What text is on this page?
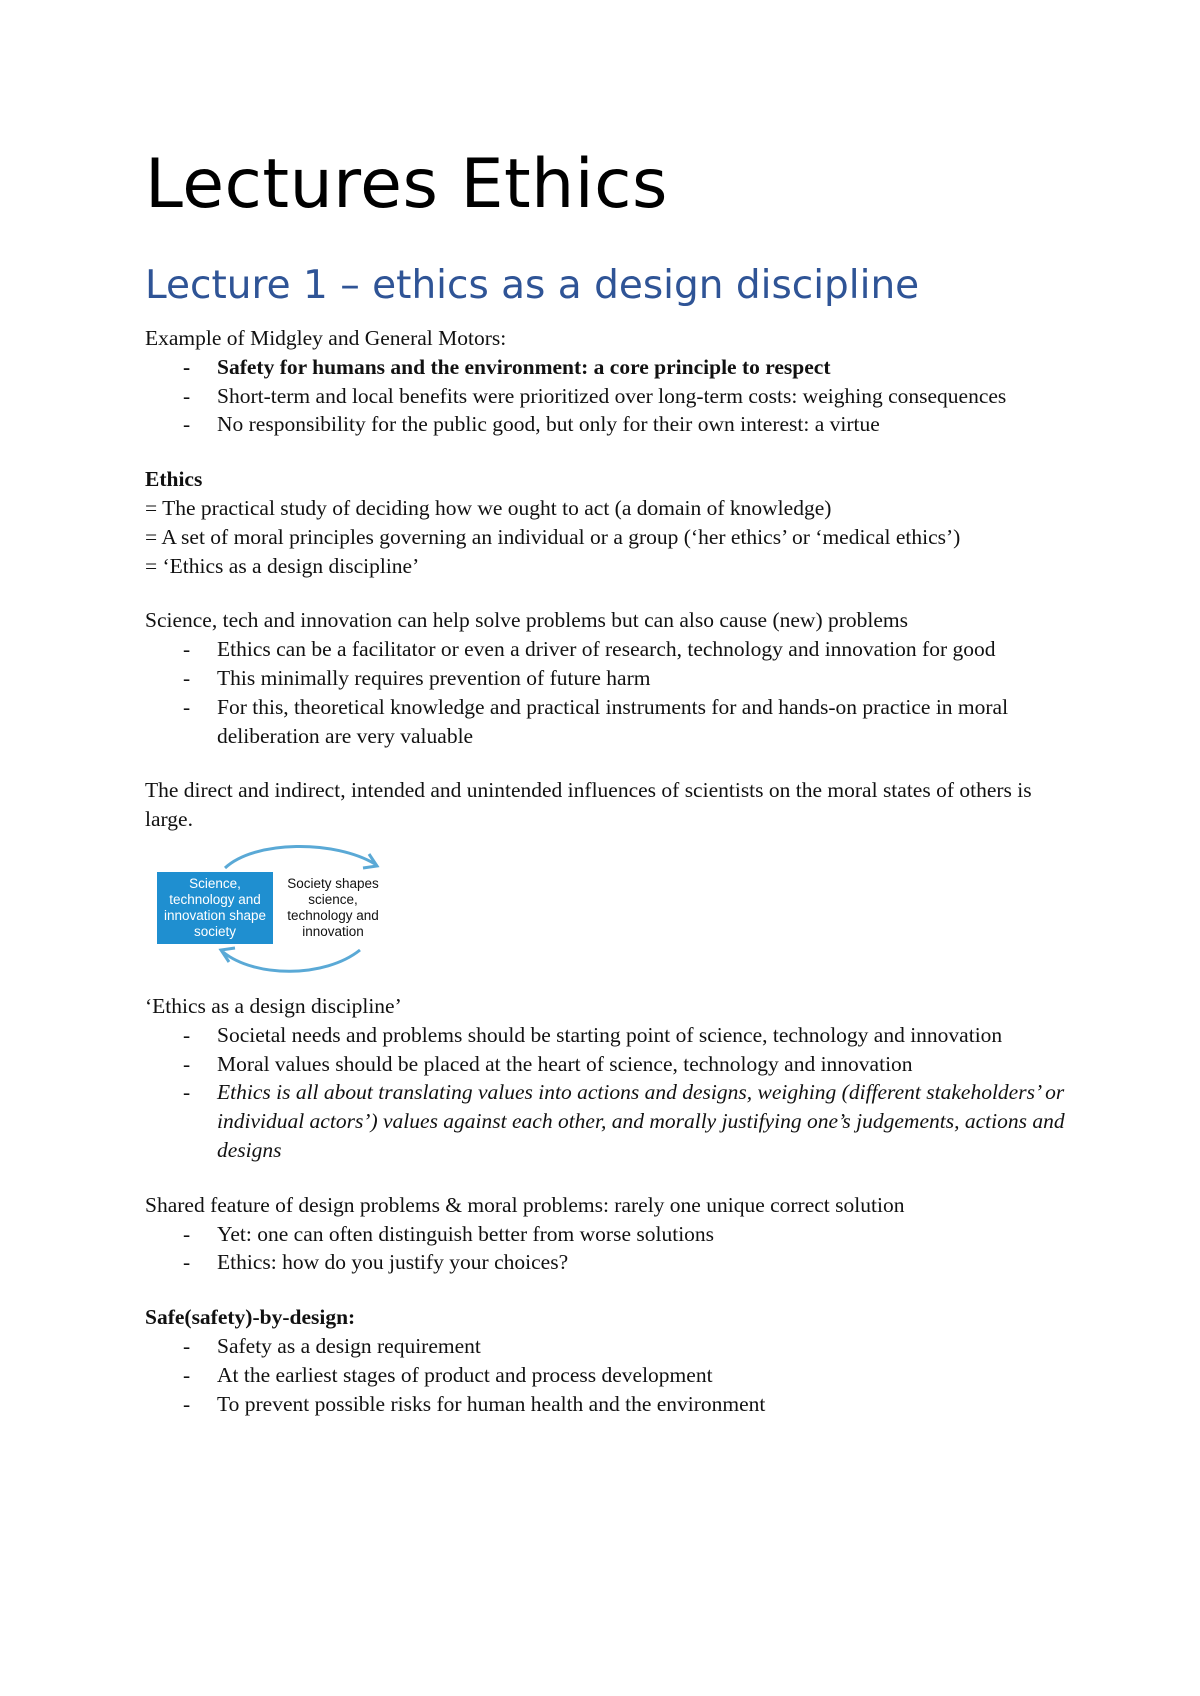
Lectures Ethics
Lecture 1 – ethics as a design discipline

Example of Midgley and General Motors:

- Safety for humans and the environment: a core principle to respect
- Short-term and local benefits were prioritized over long-term costs: weighing consequences
- No responsibility for the public good, but only for their own interest: a virtue

Ethics

= The practical study of deciding how we ought to act (a domain of knowledge)

= A set of moral principles governing an individual or a group (‘her ethics’ or ‘medical ethics’)

= ‘Ethics as a design discipline’

Science, tech and innovation can help solve problems but can also cause (new) problems

- Ethics can be a facilitator or even a driver of research, technology and innovation for good
- This minimally requires prevention of future harm
- For this, theoretical knowledge and practical instruments for and hands-on practice in moral deliberation are very valuable

The direct and indirect, intended and unintended influences of scientists on the moral states of others is large.

Science, technology and innovation shape society
Society shapes science, technology and innovation

‘Ethics as a design discipline’

- Societal needs and problems should be starting point of science, technology and innovation
- Moral values should be placed at the heart of science, technology and innovation
- Ethics is all about translating values into actions and designs, weighing (different stakeholders’ or individual actors’) values against each other, and morally justifying one’s judgements, actions and designs

Shared feature of design problems & moral problems: rarely one unique correct solution

- Yet: one can often distinguish better from worse solutions
- Ethics: how do you justify your choices?

Safe(safety)-by-design:

- Safety as a design requirement
- At the earliest stages of product and process development
- To prevent possible risks for human health and the environment
